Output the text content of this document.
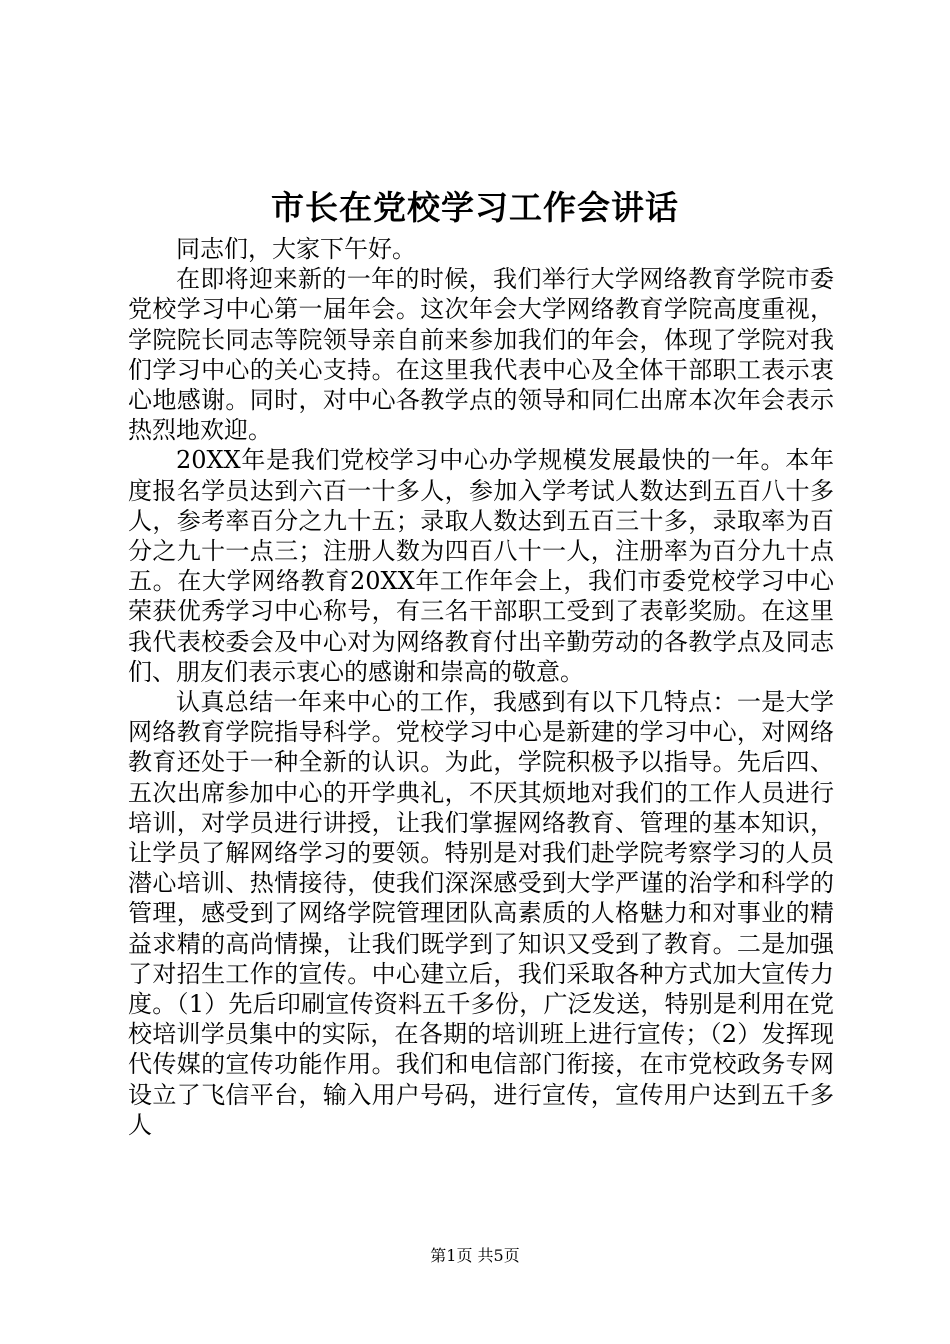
市长在党校学习工作会讲话

同志们，大家下午好。

在即将迎来新的一年的时候，我们举行大学网络教育学院市委党校学习中心第一届年会。这次年会大学网络教育学院高度重视，学院院长同志等院领导亲自前来参加我们的年会，体现了学院对我们学习中心的关心支持。在这里我代表中心及全体干部职工表示衷心地感谢。同时，对中心各教学点的领导和同仁出席本次年会表示热烈地欢迎。

20XX年是我们党校学习中心办学规模发展最快的一年。本年度报名学员达到六百一十多人，参加入学考试人数达到五百八十多人，参考率百分之九十五；录取人数达到五百三十多，录取率为百分之九十一点三；注册人数为四百八十一人，注册率为百分九十点五。在大学网络教育20XX年工作年会上，我们市委党校学习中心荣获优秀学习中心称号，有三名干部职工受到了表彰奖励。在这里我代表校委会及中心对为网络教育付出辛勤劳动的各教学点及同志们、朋友们表示衷心的感谢和崇高的敬意。

认真总结一年来中心的工作，我感到有以下几特点：一是大学网络教育学院指导科学。党校学习中心是新建的学习中心，对网络教育还处于一种全新的认识。为此，学院积极予以指导。先后四、五次出席参加中心的开学典礼，不厌其烦地对我们的工作人员进行培训，对学员进行讲授，让我们掌握网络教育、管理的基本知识，让学员了解网络学习的要领。特别是对我们赴学院考察学习的人员潜心培训、热情接待，使我们深深感受到大学严谨的治学和科学的管理，感受到了网络学院管理团队高素质的人格魅力和对事业的精益求精的高尚情操，让我们既学到了知识又受到了教育。二是加强了对招生工作的宣传。中心建立后，我们采取各种方式加大宣传力度。（1）先后印刷宣传资料五千多份，广泛发送，特别是利用在党校培训学员集中的实际，在各期的培训班上进行宣传；（2）发挥现代传媒的宣传功能作用。我们和电信部门衔接，在市党校政务专网设立了飞信平台，输入用户号码，进行宣传，宣传用户达到五千多人

第1页 共5页
